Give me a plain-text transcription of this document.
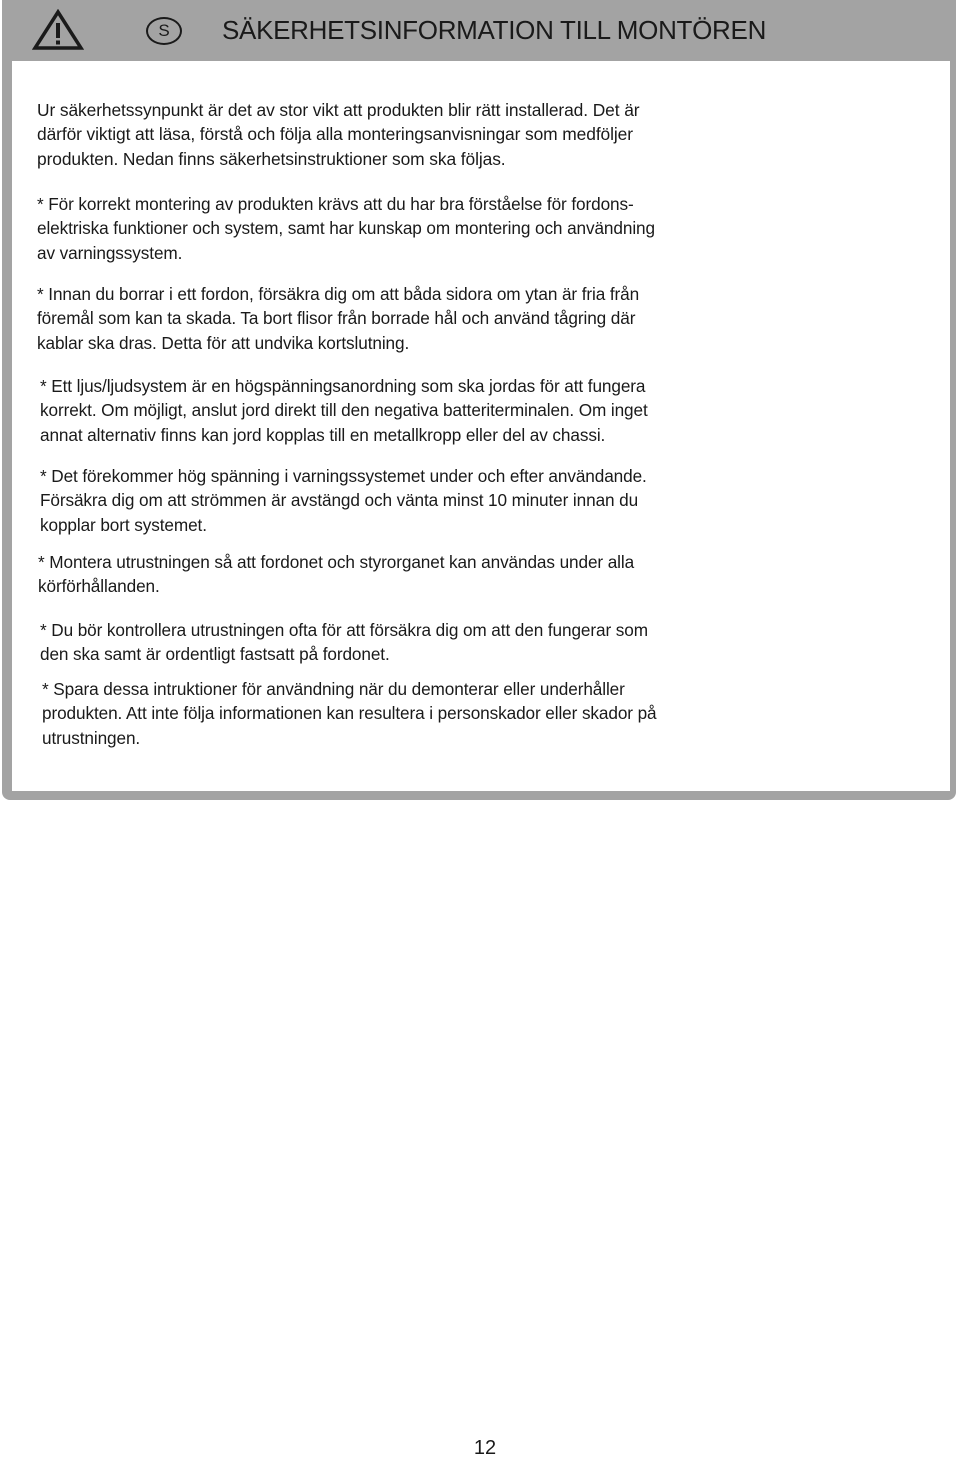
S	SÄKERHETSINFORMATION TILL MONTÖREN
Ur säkerhetssynpunkt är det av stor vikt att produkten blir rätt installerad. Det är
därför viktigt att läsa, förstå och följa alla monteringsanvisningar som medföljer
produkten. Nedan finns säkerhetsinstruktioner som ska följas.
* För korrekt montering av produkten krävs att du har bra förståelse för fordons-
elektriska funktioner och system, samt har kunskap om montering och användning
av varningssystem.
* Innan du borrar i ett fordon, försäkra dig om att båda sidora om ytan är fria från
föremål som kan ta skada. Ta bort flisor från borrade hål och använd tågring där
kablar ska dras. Detta för att undvika kortslutning.
* Ett ljus/ljudsystem är en högspänningsanordning som ska jordas för att fungera
korrekt. Om möjligt, anslut jord direkt till den negativa batteriterminalen. Om inget
annat alternativ finns kan jord kopplas till en metallkropp eller del av chassi.
* Det förekommer hög spänning i varningssystemet under och efter användande.
Försäkra dig om att strömmen är avstängd och vänta minst 10 minuter innan du
kopplar bort systemet.
* Montera utrustningen så att fordonet och styrorganet kan användas under alla
körförhållanden.
* Du bör kontrollera utrustningen ofta för att försäkra dig om att den fungerar som
den ska samt är ordentligt fastsatt på fordonet.
* Spara dessa intruktioner för användning när du demonterar eller underhåller
produkten. Att inte följa informationen kan resultera i personskador eller skador på
utrustningen.
12
